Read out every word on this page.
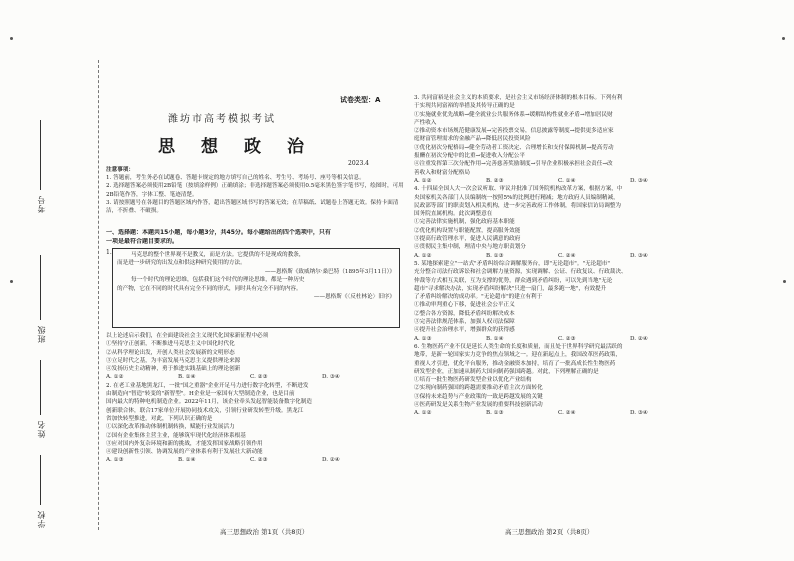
考号
班级
姓名
学校
试卷类型：A
潍坊市高考模拟考试
思想政治
2023.4

注意事项：

1. 答题前，考生务必在试题卷、答题卡规定的地方填写自己的姓名、考生号、考场号、座号等相关信息。

2. 选择题答案必须使用2B铅笔（按填涂样例）正确填涂；非选择题答案必须使用0.5毫米黑色签字笔书写，绘图时，可用2B铅笔作答，字体工整、笔迹清楚。

3. 请按照题号在各题目的答题区域内作答，超出答题区域书写的答案无效；在草稿纸、试题卷上答题无效。保持卡面清洁，不折叠、不破损。

一、选择题：本题共15小题，每小题3分，共45分。每小题给出的四个选项中，只有

一项是最符合题目要求的。

1.	马克思的整个世界观不是教义，而是方法。它提供的不是现成的教条，

而是进一步研究的出发点和供这种研究使用的方法。

——恩格斯《致威纳尔·桑巴特（1895年3月11日）》

每一个时代的理论思维，包括我们这个时代的理论思维，都是一种历史

的产物，它在不同的时代具有完全不同的形式，同时具有完全不同的内容。

——恩格斯《〈反杜林论〉旧序》

以上论述启示我们，在全面建设社会主义现代化国家新征程中必须

①坚持守正创新，不断推进马克思主义中国化时代化

②从科学理论出发，开创人类社会发展新的文明形态

③立足时代之基，为丰富发展马克思主义提供理论来源

④发扬历史主动精神，勇于推进实践基础上的理论创新

A. ①②	B. ①④	C. ②③	D. ③④

2. 在老工业基地黑龙江，一批"国之重器"企业开足马力进行数字化转型，不断进发

由制造向"智造"转变的"新智型"。H企业是一家国有大型制造企业，也是目前

国内最大的特种电机制造企业。2022年11月，该企业牵头发起智能装备数字化制造

创新联合体，联合17家单位开展协同技术攻关，引领行业研发转型升级。黑龙江

省加快转型推进，对此，下列认识正确的是

①以深化改革推动体制机制转换，赋能行业发展活力

②国有企业集体主营主业，能够筑牢现代化经济体系根基

③应对国内外复杂环境和新的挑战，才能发挥国家战略引领作用

④建设创新性引领、协调发展的产业体系有利于发展壮大新动能

A. ①③	B. ①④	C. ②③	D. ②④

3. 共同富裕是社会主义的本质要求，是社会主义市场经济体制的根本目标。下列有利

于实现共同富裕的举措及其传导正确的是

①实施就业优先战略→健全就业公共服务体系→缓解结构性就业矛盾→增加居民财

产性收入

②推动资本市场规范健康发展→完善投票交易，信息披露等制度→提供更多适应家

庭财富管理需求的金融产品→降低居民投资风险

③优化初次分配格局→健全劳动者工资决定、合理增长和支付保障机制→提高劳动

报酬在初次分配中的比重→促进收入分配公平

④注重发挥第三次分配作用→完善慈善奖励制度→引导企业积极承担社会责任→改

善收入和财富分配格局

A. ①②	B. ②③	C. ①④	D. ③④

4. 十四届全国人大一次会议听取、审议并批准了国务院机构改革方案，根据方案，中

央国家机关各部门人员编制统一按照5%的比例进行精减；地方政府人员编制精减，

民政部等部门的职责划入相关机构，进一步完善政府工作体制，将国家信访局调整为

国务院直属机构。此次调整意在

①完善法律实施机制，强化政府基本职能

②优化机构设置与职能配置，提高服务效能

③提高行政管理水平，促进人民满意的政府

④贯彻民主集中制，理清中央与地方职责划分

A. ①②	B. ①③	C. ②④	D. ③④

5. 某地探索建立"一站式"矛盾纠纷综合调解服务台，即"无论超市"。"无论超市"

充分整合司法行政诉讼和社会调解力量资源，实现调解、公证、行政复议、行政裁决、

仲裁等方式相互关联，互为支撑的优势，群众遇到矛盾纠纷，可以先到当地"无论

超市"寻求解决办法，实现矛盾纠纷解决"只进一扇门，最多跑一地"，有效提升

了矛盾纠纷解决的成功率。"无论超市"的建立有利于

①推动审判重心下移，促进社会公平正义

②整合各方资源，降低矛盾纠纷解决成本

③完善法律规范体系，加强人权司法保障

④提升社会治理水平，增强群众的获得感

A. ①③	B. ①④	C. ②③	D. ②④

6. 生物医药产业不仅是延长人类生命的长度和质量，而且处于世界科学研究最活跃的

地带，是新一轮国家实力竞争的焦点领域之一。迎在新起点上，我国改革医药政策，

重视人才引进，优化平台服务，推动金融资本加持，培育了一批高成长性生物医药

研发型企业，正加速从制药大国向制药强国跨越。对此，下列理解正确的是

①培育一批生物医药研发型企业以优化产业结构

②实现向制药强国的跨越需要推动矛盾主次方面转化

③保持未来趋势与产业政策的一致是跨越发展的关键

④医药研发是关系生物产业发展的重要科技创新活动

A. ①②	B. ①③	C. ②④	D. ③④

高三思想政治 第1页（共8页）	高三思想政治 第2页（共8页）
